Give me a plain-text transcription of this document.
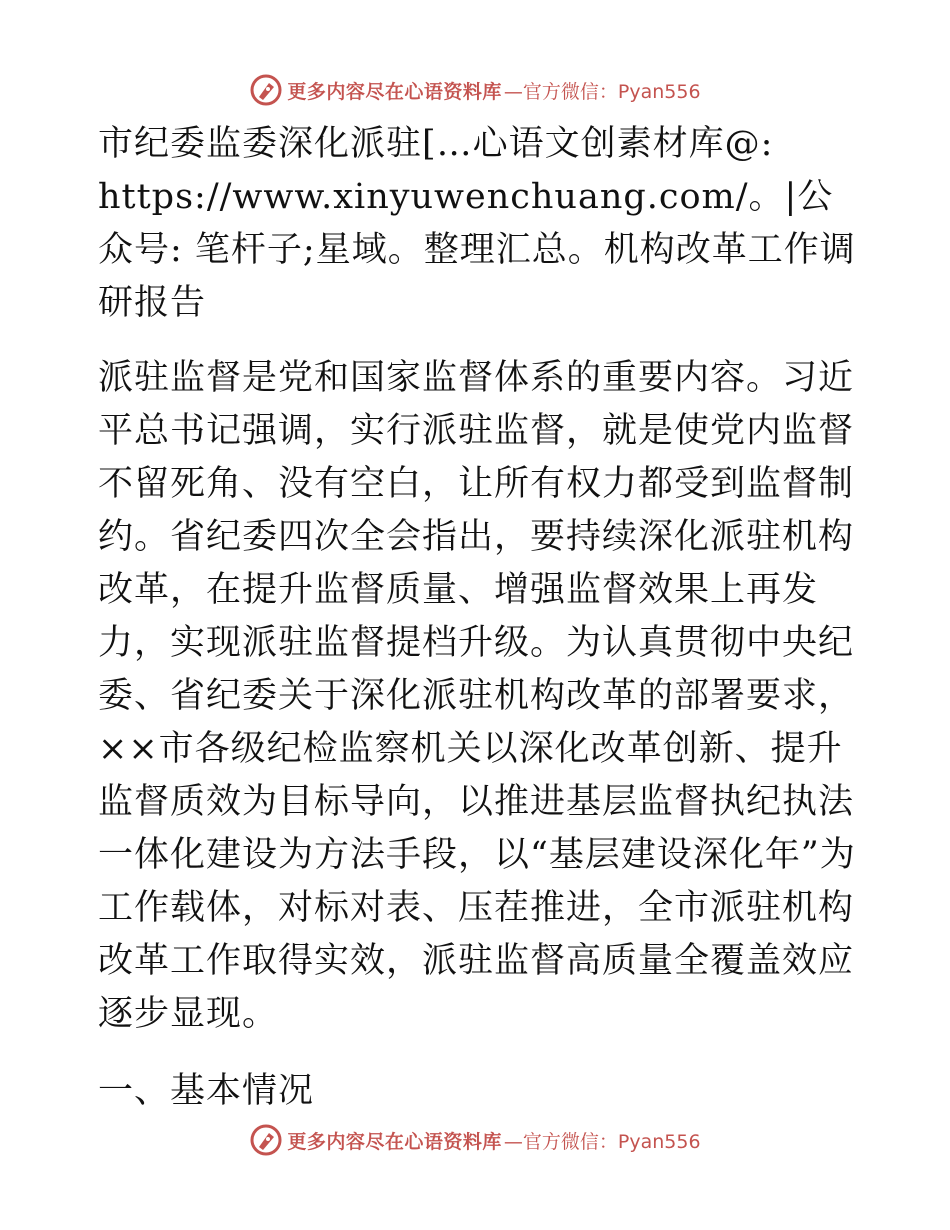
更多内容尽在心语资料库 —官方微信：Pyan556

市纪委监委深化派驻[…心语文创素材库@: https://www.xinyuwenchuang.com/。|公众号: 笔杆子;星域。整理汇总。机构改革工作调研报告

派驻监督是党和国家监督体系的重要内容。习近平总书记强调，实行派驻监督，就是使党内监督不留死角、没有空白，让所有权力都受到监督制约。省纪委四次全会指出，要持续深化派驻机构改革，在提升监督质量、增强监督效果上再发力，实现派驻监督提档升级。为认真贯彻中央纪委、省纪委关于深化派驻机构改革的部署要求，××市各级纪检监察机关以深化改革创新、提升监督质效为目标导向，以推进基层监督执纪执法一体化建设为方法手段，以“基层建设深化年”为工作载体，对标对表、压茬推进，全市派驻机构改革工作取得实效，派驻监督高质量全覆盖效应逐步显现。

一、基本情况

更多内容尽在心语资料库 —官方微信：Pyan556
